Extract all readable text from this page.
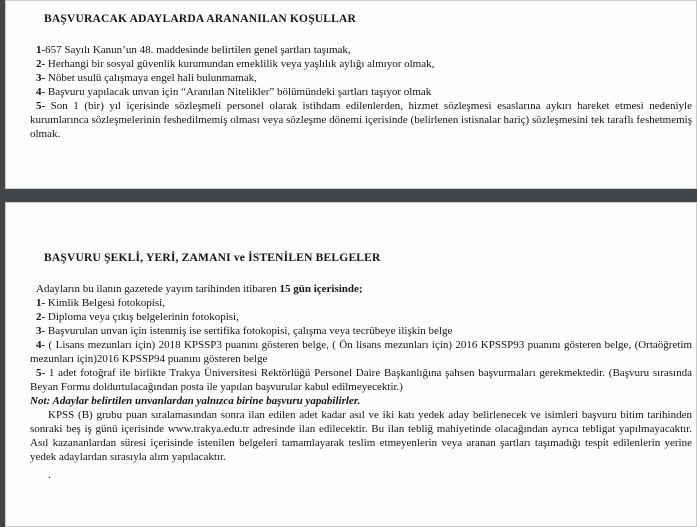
BAŞVURACAK ADAYLARDA ARANANILAN KOŞULLAR

1-657 Sayılı Kanun’un 48. maddesinde belirtilen genel şartları taşımak,

2- Herhangi bir sosyal güvenlik kurumundan emeklilik veya yaşlılık aylığı almıyor olmak,

3- Nöbet usulü çalışmaya engel hali bulunmamak,

4- Başvuru yapılacak unvan için “Aranılan Nitelikler” bölümündeki şartları taşıyor olmak

5- Son 1 (bir) yıl içerisinde sözleşmeli personel olarak istihdam edilenlerden, hizmet sözleşmesi esaslarına aykırı hareket etmesi nedeniyle kurumlarınca sözleşmelerinin feshedilmemiş olması veya sözleşme dönemi içerisinde (belirlenen istisnalar hariç) sözleşmesini tek taraflı feshetmemiş olmak.

BAŞVURU ŞEKLİ, YERİ, ZAMANI ve İSTENİLEN BELGELER

Adayların bu ilanın gazetede yayım tarihinden itibaren 15 gün içerisinde;

1- Kimlik Belgesi fotokopisi,

2- Diploma veya çıkış belgelerinin fotokopisi,

3- Başvurulan unvan için istenmiş ise sertifika fotokopisi, çalışma veya tecrübeye ilişkin belge

4- ( Lisans mezunları için) 2018 KPSSP3 puanını gösteren belge, ( Ön lisans mezunları için) 2016 KPSSP93 puanını gösteren belge, (Ortaöğretim mezunları için)2016 KPSSP94 puanını gösteren belge

5- 1 adet fotoğraf ile birlikte Trakya Üniversitesi Rektörlüğü Personel Daire Başkanlığına şahsen başvurmaları gerekmektedir. (Başvuru sırasında Beyan Formu doldurtulacağından posta ile yapılan başvurular kabul edilmeyecektir.)

Not: Adaylar belirtilen unvanlardan yalnızca birine başvuru yapabilirler.

KPSS (B) grubu puan sıralamasından sonra ilan edilen adet kadar asıl ve iki katı yedek aday belirlenecek ve isimleri başvuru bitim tarihinden sonraki beş iş günü içerisinde www.trakya.edu.tr adresinde ilan edilecektir. Bu ilan tebliğ mahiyetinde olacağından ayrıca tebligat yapılmayacaktır. Asıl kazananlardan süresi içerisinde istenilen belgeleri tamamlayarak teslim etmeyenlerin veya aranan şartları taşımadığı tespit edilenlerin yerine yedek adaylardan sırasıyla alım yapılacaktır.

.
